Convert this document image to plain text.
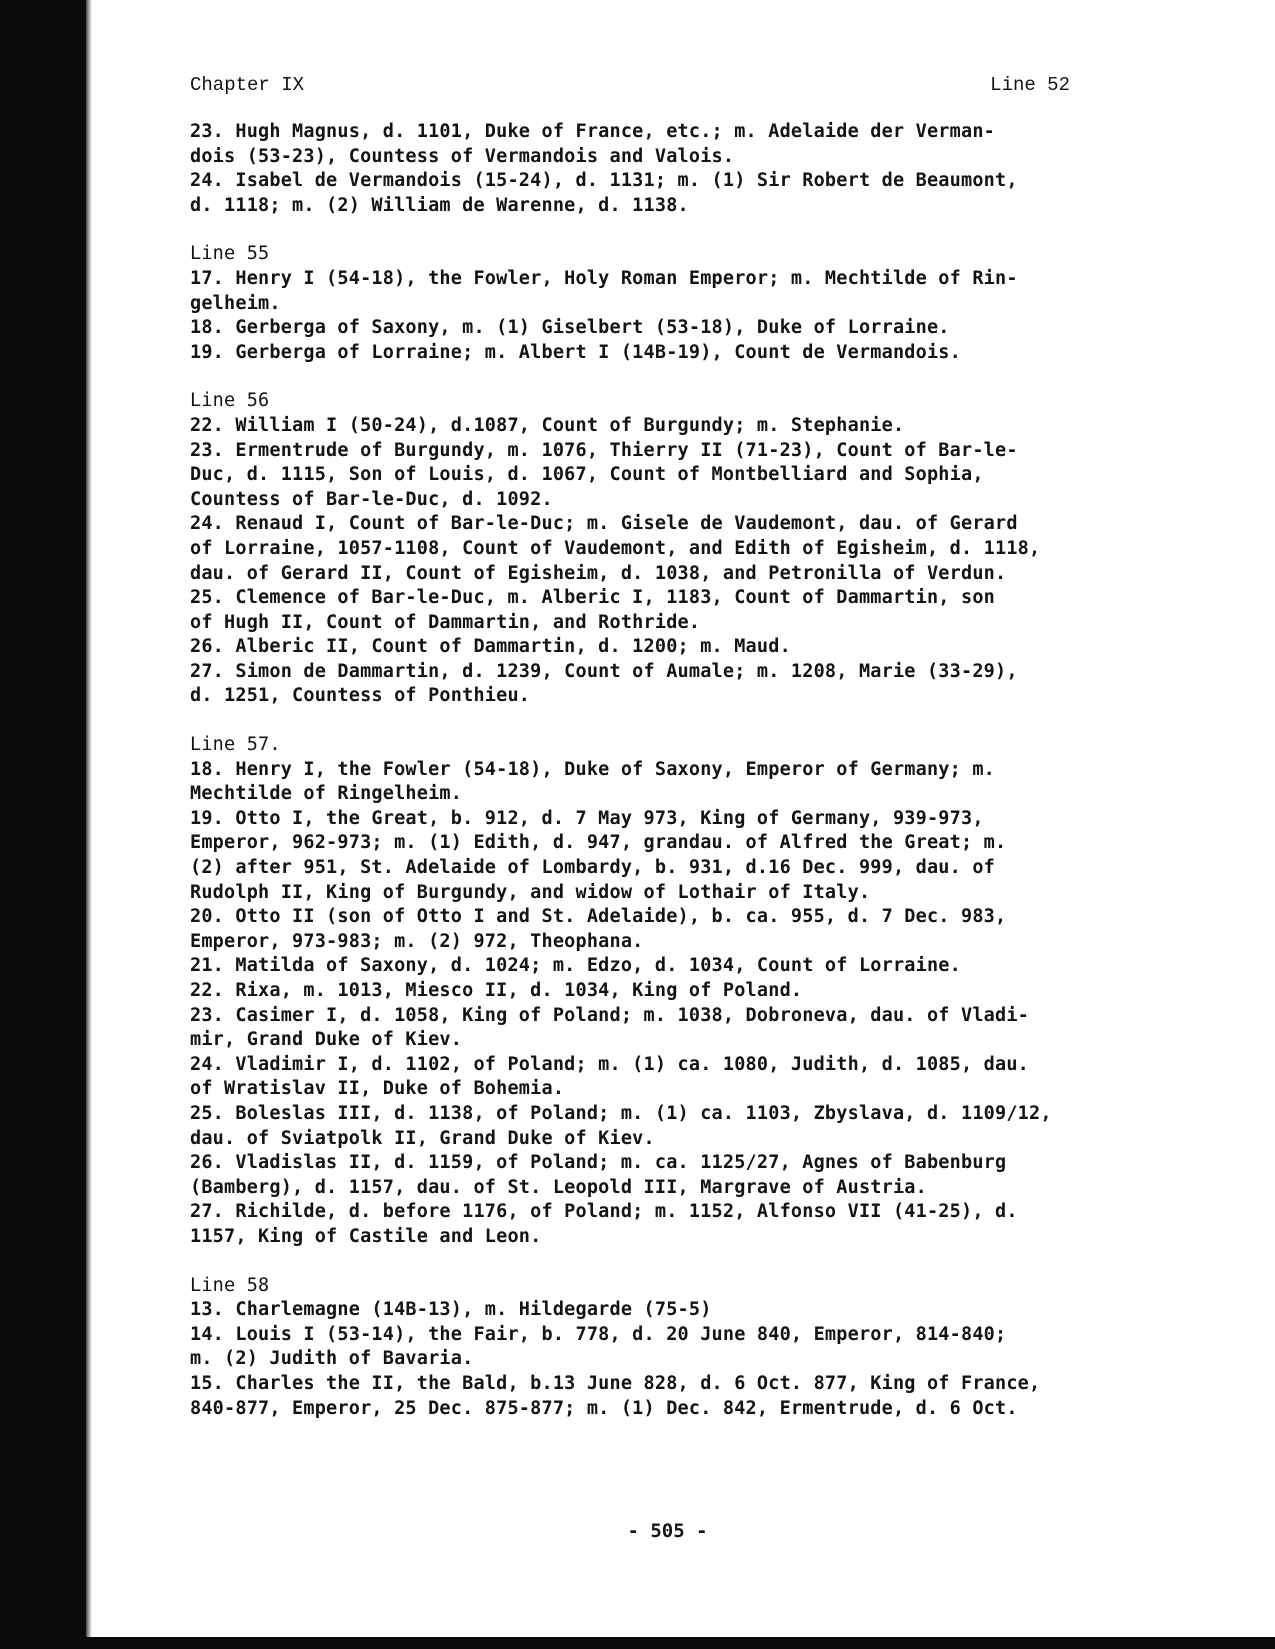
Chapter IX	Line 52
23. Hugh Magnus, d. 1101, Duke of France, etc.; m. Adelaide der Verman-
dois (53-23), Countess of Vermandois and Valois.
24. Isabel de Vermandois (15-24), d. 1131; m. (1) Sir Robert de Beaumont,
d. 1118; m. (2) William de Warenne, d. 1138.
Line 55
17. Henry I (54-18), the Fowler, Holy Roman Emperor; m. Mechtilde of Rin-
gelheim.
18. Gerberga of Saxony, m. (1) Giselbert (53-18), Duke of Lorraine.
19. Gerberga of Lorraine; m. Albert I (14B-19), Count de Vermandois.
Line 56
22. William I (50-24), d.1087, Count of Burgundy; m. Stephanie.
23. Ermentrude of Burgundy, m. 1076, Thierry II (71-23), Count of Bar-le-
Duc, d. 1115, Son of Louis, d. 1067, Count of Montbelliard and Sophia,
Countess of Bar-le-Duc, d. 1092.
24. Renaud I, Count of Bar-le-Duc; m. Gisele de Vaudemont, dau. of Gerard
of Lorraine, 1057-1108, Count of Vaudemont, and Edith of Egisheim, d. 1118,
dau. of Gerard II, Count of Egisheim, d. 1038, and Petronilla of Verdun.
25. Clemence of Bar-le-Duc, m. Alberic I, 1183, Count of Dammartin, son
of Hugh II, Count of Dammartin, and Rothride.
26. Alberic II, Count of Dammartin, d. 1200; m. Maud.
27. Simon de Dammartin, d. 1239, Count of Aumale; m. 1208, Marie (33-29),
d. 1251, Countess of Ponthieu.
Line 57.
18. Henry I, the Fowler (54-18), Duke of Saxony, Emperor of Germany; m.
Mechtilde of Ringelheim.
19. Otto I, the Great, b. 912, d. 7 May 973, King of Germany, 939-973,
Emperor, 962-973; m. (1) Edith, d. 947, grandau. of Alfred the Great; m.
(2) after 951, St. Adelaide of Lombardy, b. 931, d.16 Dec. 999, dau. of
Rudolph II, King of Burgundy, and widow of Lothair of Italy.
20. Otto II (son of Otto I and St. Adelaide), b. ca. 955, d. 7 Dec. 983,
Emperor, 973-983; m. (2) 972, Theophana.
21. Matilda of Saxony, d. 1024; m. Edzo, d. 1034, Count of Lorraine.
22. Rixa, m. 1013, Miesco II, d. 1034, King of Poland.
23. Casimer I, d. 1058, King of Poland; m. 1038, Dobroneva, dau. of Vladi-
mir, Grand Duke of Kiev.
24. Vladimir I, d. 1102, of Poland; m. (1) ca. 1080, Judith, d. 1085, dau.
of Wratislav II, Duke of Bohemia.
25. Boleslas III, d. 1138, of Poland; m. (1) ca. 1103, Zbyslava, d. 1109/12,
dau. of Sviatpolk II, Grand Duke of Kiev.
26. Vladislas II, d. 1159, of Poland; m. ca. 1125/27, Agnes of Babenburg
(Bamberg), d. 1157, dau. of St. Leopold III, Margrave of Austria.
27. Richilde, d. before 1176, of Poland; m. 1152, Alfonso VII (41-25), d.
1157, King of Castile and Leon.
Line 58
13. Charlemagne (14B-13), m. Hildegarde (75-5)
14. Louis I (53-14), the Fair, b. 778, d. 20 June 840, Emperor, 814-840;
m. (2) Judith of Bavaria.
15. Charles the II, the Bald, b.13 June 828, d. 6 Oct. 877, King of France,
840-877, Emperor, 25 Dec. 875-877; m. (1) Dec. 842, Ermentrude, d. 6 Oct.
- 505 -
